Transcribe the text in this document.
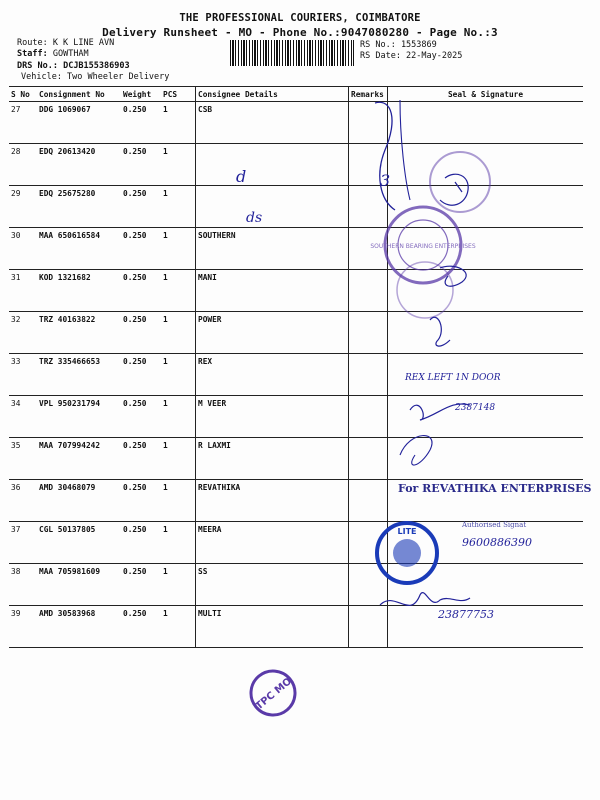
THE PROFESSIONAL COURIERS, COIMBATORE
Delivery Runsheet - MO - Phone No.:9047080280 - Page No.:3
Route: K K LINE AVN
Staff: GOWTHAM
DRS No.: DCJB155386903
Vehicle: Two Wheeler Delivery
RS No.: 1553869
RS Date: 22-May-2025
S No	Consignment No	Weight	PCS	Consignee Details	Remarks	Seal & Signature
27	DDG 1069067	0.250	1	CSB		
28	EDQ 20613420	0.250	1			
29	EDQ 25675280	0.250	1			
30	MAA 650616584	0.250	1	SOUTHERN		
31	KOD 1321682	0.250	1	MANI		
32	TRZ 40163822	0.250	1	POWER		
33	TRZ 335466653	0.250	1	REX		
34	VPL 950231794	0.250	1	M VEER		
35	MAA 707994242	0.250	1	R LAXMI		
36	AMD 30468079	0.250	1	REVATHIKA		
37	CGL 50137805	0.250	1	MEERA		
38	MAA 705981609	0.250	1	SS		
39	AMD 30583968	0.250	1	MULTI		
d
ds
3
SOUTHERN BEARING ENTERPRISES
REX LEFT 1N DOOR
2387148
For REVATHIKA ENTERPRISES
LITE
Authorised Signat
9600886390
23877753
TPC MO
